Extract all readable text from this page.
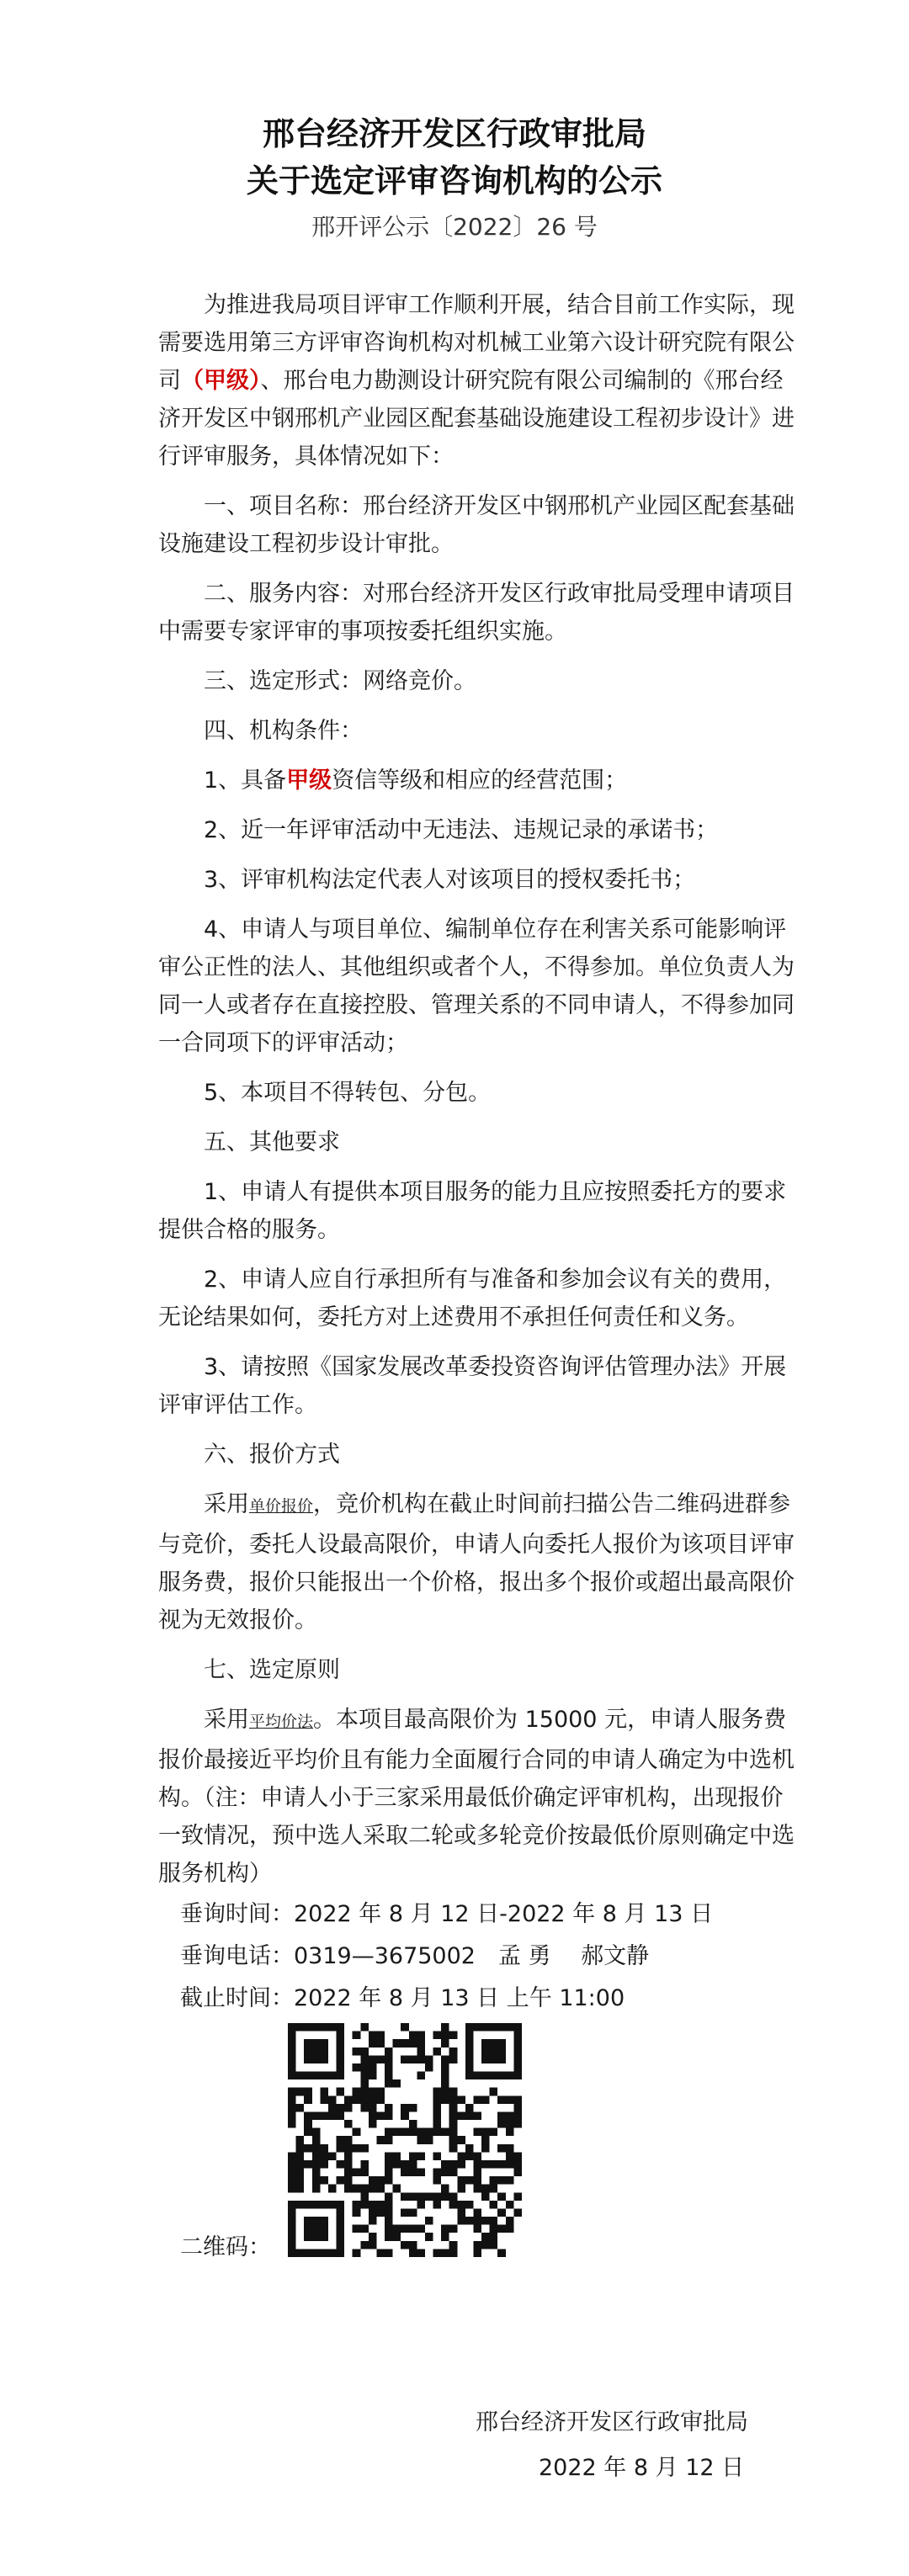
邢台经济开发区行政审批局
关于选定评审咨询机构的公示
邢开评公示〔2022〕26 号

为推进我局项目评审工作顺利开展，结合目前工作实际，现需要选用第三方评审咨询机构对机械工业第六设计研究院有限公司（甲级）、邢台电力勘测设计研究院有限公司编制的《邢台经济开发区中钢邢机产业园区配套基础设施建设工程初步设计》进行评审服务，具体情况如下：

一、项目名称：邢台经济开发区中钢邢机产业园区配套基础设施建设工程初步设计审批。

二、服务内容：对邢台经济开发区行政审批局受理申请项目中需要专家评审的事项按委托组织实施。

三、选定形式：网络竞价。

四、机构条件：

1、具备甲级资信等级和相应的经营范围；

2、近一年评审活动中无违法、违规记录的承诺书；

3、评审机构法定代表人对该项目的授权委托书；

4、申请人与项目单位、编制单位存在利害关系可能影响评审公正性的法人、其他组织或者个人，不得参加。单位负责人为同一人或者存在直接控股、管理关系的不同申请人，不得参加同一合同项下的评审活动；

5、本项目不得转包、分包。

五、其他要求

1、申请人有提供本项目服务的能力且应按照委托方的要求提供合格的服务。

2、申请人应自行承担所有与准备和参加会议有关的费用，无论结果如何，委托方对上述费用不承担任何责任和义务。

3、请按照《国家发展改革委投资咨询评估管理办法》开展评审评估工作。

六、报价方式

采用单价报价，竞价机构在截止时间前扫描公告二维码进群参与竞价，委托人设最高限价，申请人向委托人报价为该项目评审服务费，报价只能报出一个价格，报出多个报价或超出最高限价视为无效报价。

七、选定原则

采用平均价法。本项目最高限价为 15000 元，申请人服务费报价最接近平均价且有能力全面履行合同的申请人确定为中选机构。（注：申请人小于三家采用最低价确定评审机构，出现报价一致情况，预中选人采取二轮或多轮竞价按最低价原则确定中选服务机构）

垂询时间：2022 年 8 月 12 日-2022 年 8 月 13 日
垂询电话：0319—3675002　孟 勇　 郝文静
截止时间：2022 年 8 月 13 日 上午 11:00
二维码：
邢台经济开发区行政审批局
2022 年 8 月 12 日
